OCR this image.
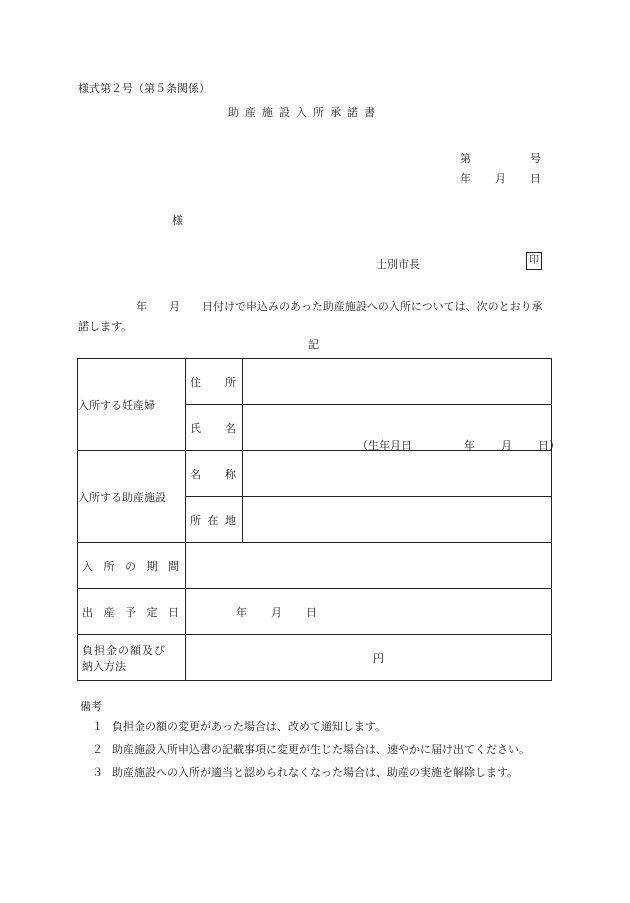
様式第２号（第５条関係）
助産施設入所承諾書
第	号
年 月 日
様
士別市長	印
年　　月　　日付けで申込みのあった助産施設への入所については、次のとおり承諾します。
記
入所する妊産婦	住 所	

	氏 名	（生年月日 年 月 日）

入所する助産施設	名 称	

	所 在 地	

入 所 の 期 間		

出 産 予 定 日	年 月 日	

負担金の額及び
納入方法	円	
備考
１ 負担金の額の変更があった場合は、改めて通知します。
２ 助産施設入所申込書の記載事項に変更が生じた場合は、速やかに届け出てください。
３ 助産施設への入所が適当と認められなくなった場合は、助産の実施を解除します。
